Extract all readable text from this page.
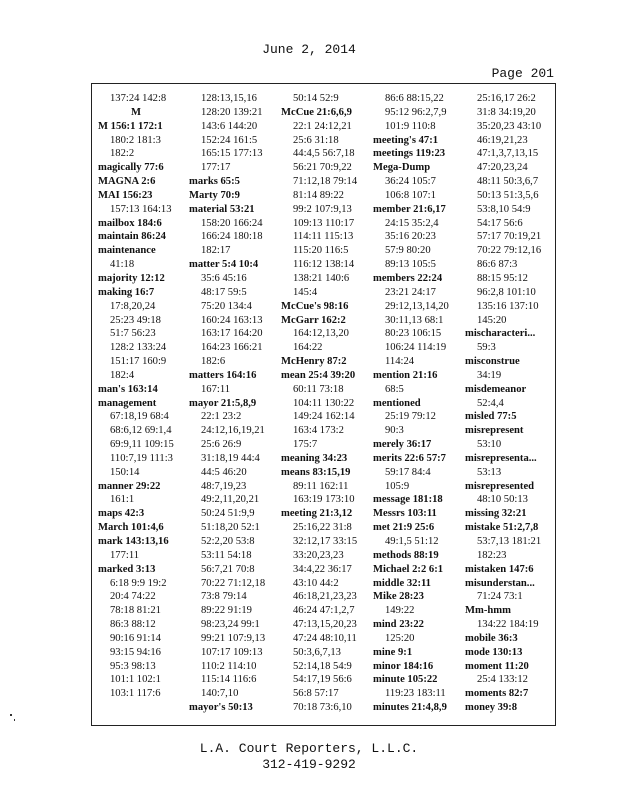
June 2, 2014
Page 201
137:24 142:8
M
M 156:1 172:1
180:2 181:3
182:2
magically 77:6
MAGNA 2:6
MAI 156:23
157:13 164:13
mailbox 184:6
maintain 86:24
maintenance
41:18
majority 12:12
making 16:7
17:8,20,24
25:23 49:18
51:7 56:23
128:2 133:24
151:17 160:9
182:4
man's 163:14
management
67:18,19 68:4
68:6,12 69:1,4
69:9,11 109:15
110:7,19 111:3
150:14
manner 29:22
161:1
maps 42:3
March 101:4,6
mark 143:13,16
177:11
marked 3:13
6:18 9:9 19:2
20:4 74:22
78:18 81:21
86:3 88:12
90:16 91:14
93:15 94:16
95:3 98:13
101:1 102:1
103:1 117:6
128:13,15,16
128:20 139:21
143:6 144:20
152:24 161:5
165:15 177:13
177:17
marks 65:5
Marty 70:9
material 53:21
158:20 166:24
166:24 180:18
182:17
matter 5:4 10:4
35:6 45:16
48:17 59:5
75:20 134:4
160:24 163:13
163:17 164:20
164:23 166:21
182:6
matters 164:16
167:11
mayor 21:5,8,9
22:1 23:2
24:12,16,19,21
25:6 26:9
31:18,19 44:4
44:5 46:20
48:7,19,23
49:2,11,20,21
50:24 51:9,9
51:18,20 52:1
52:2,20 53:8
53:11 54:18
56:7,21 70:8
70:22 71:12,18
73:8 79:14
89:22 91:19
98:23,24 99:1
99:21 107:9,13
107:17 109:13
110:2 114:10
115:14 116:6
140:7,10
mayor's 50:13
50:14 52:9
McCue 21:6,6,9
22:1 24:12,21
25:6 31:18
44:4,5 56:7,18
56:21 70:9,22
71:12,18 79:14
81:14 89:22
99:2 107:9,13
109:13 110:17
114:11 115:13
115:20 116:5
116:12 138:14
138:21 140:6
145:4
McCue's 98:16
McGarr 162:2
164:12,13,20
164:22
McHenry 87:2
mean 25:4 39:20
60:11 73:18
104:11 130:22
149:24 162:14
163:4 173:2
175:7
meaning 34:23
means 83:15,19
89:11 162:11
163:19 173:10
meeting 21:3,12
25:16,22 31:8
32:12,17 33:15
33:20,23,23
34:4,22 36:17
43:10 44:2
46:18,21,23,23
46:24 47:1,2,7
47:13,15,20,23
47:24 48:10,11
50:3,6,7,13
52:14,18 54:9
54:17,19 56:6
56:8 57:17
70:18 73:6,10
86:6 88:15,22
95:12 96:2,7,9
101:9 110:8
meeting's 47:1
meetings 119:23
Mega-Dump
36:24 105:7
106:8 107:1
member 21:6,17
24:15 35:2,4
35:16 20:23
57:9 80:20
89:13 105:5
members 22:24
23:21 24:17
29:12,13,14,20
30:11,13 68:1
80:23 106:15
106:24 114:19
114:24
mention 21:16
68:5
mentioned
25:19 79:12
90:3
merely 36:17
merits 22:6 57:7
59:17 84:4
105:9
message 181:18
Messrs 103:11
met 21:9 25:6
49:1,5 51:12
methods 88:19
Michael 2:2 6:1
middle 32:11
Mike 28:23
149:22
mind 23:22
125:20
mine 9:1
minor 184:16
minute 105:22
119:23 183:11
minutes 21:4,8,9
25:16,17 26:2
31:8 34:19,20
35:20,23 43:10
46:19,21,23
47:1,3,7,13,15
47:20,23,24
48:11 50:3,6,7
50:13 51:3,5,6
53:8,10 54:9
54:17 56:6
57:17 70:19,21
70:22 79:12,16
86:6 87:3
88:15 95:12
96:2,8 101:10
135:16 137:10
145:20
mischaracteri...
59:3
misconstrue
34:19
misdemeanor
52:4,4
misled 77:5
misrepresent
53:10
misrepresenta...
53:13
misrepresented
48:10 50:13
missing 32:21
mistake 51:2,7,8
53:7,13 181:21
182:23
mistaken 147:6
misunderstan...
71:24 73:1
Mm-hmm
134:22 184:19
mobile 36:3
mode 130:13
moment 11:20
25:4 133:12
moments 82:7
money 39:8
L.A. Court Reporters, L.L.C.
312-419-9292
